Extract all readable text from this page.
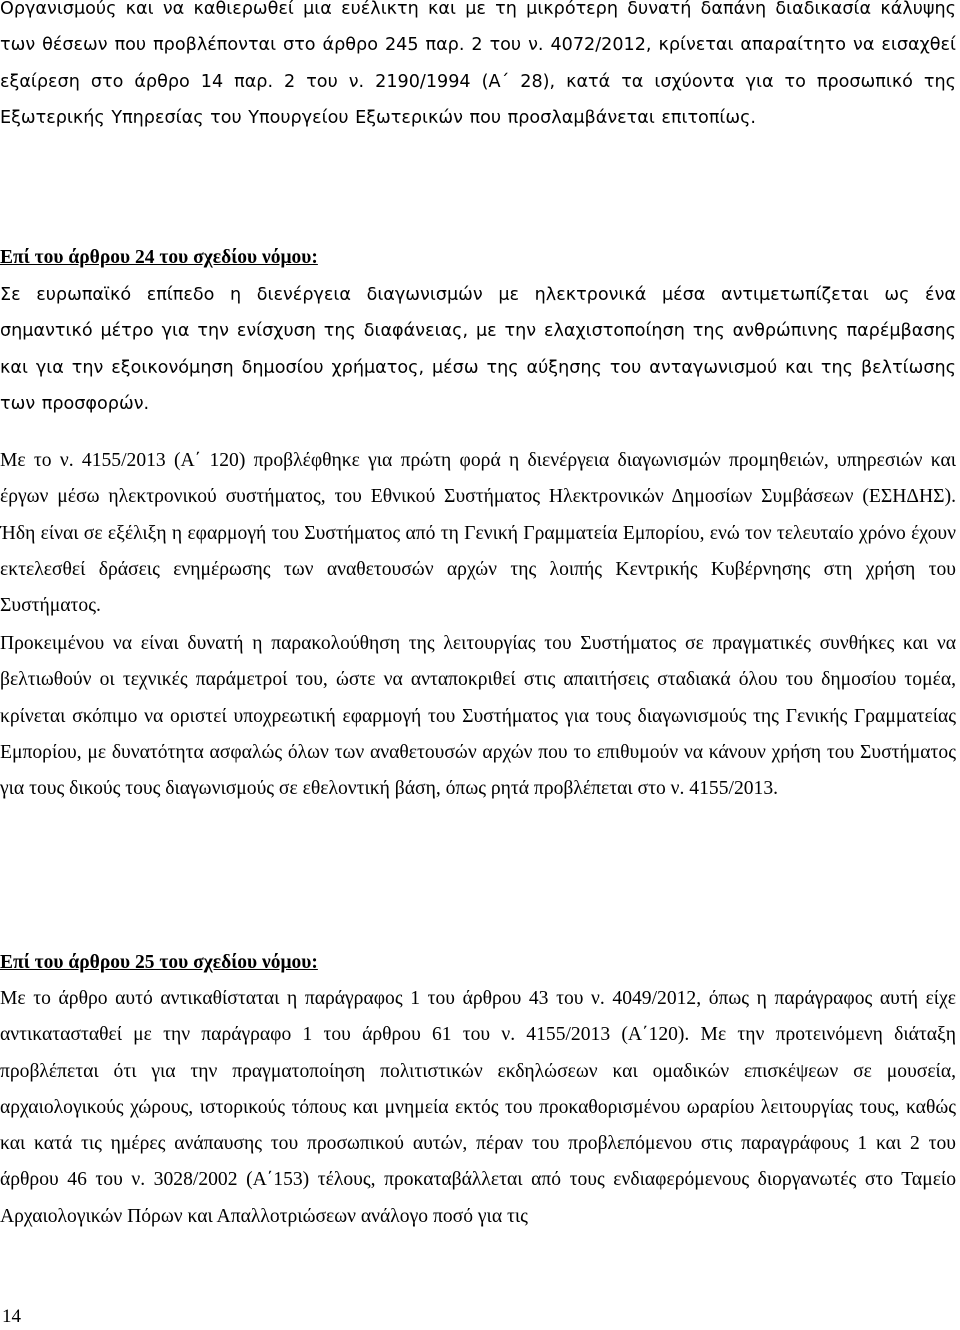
Οργανισμούς και να καθιερωθεί μια ευέλικτη και με τη μικρότερη δυνατή δαπάνη διαδικασία κάλυψης των θέσεων που προβλέπονται στο άρθρο 245 παρ. 2 του ν. 4072/2012, κρίνεται απαραίτητο να εισαχθεί εξαίρεση στο άρθρο 14 παρ. 2 του ν. 2190/1994 (Α΄ 28), κατά τα ισχύοντα για το προσωπικό της Εξωτερικής Υπηρεσίας του Υπουργείου Εξωτερικών που προσλαμβάνεται επιτοπίως.

Επί του άρθρου 24 του σχεδίου νόμου:

Σε ευρωπαϊκό επίπεδο η διενέργεια διαγωνισμών με ηλεκτρονικά μέσα αντιμετωπίζεται ως ένα σημαντικό μέτρο για την ενίσχυση της διαφάνειας, με την ελαχιστοποίηση της ανθρώπινης παρέμβασης και για την εξοικονόμηση δημοσίου χρήματος, μέσω της αύξησης του ανταγωνισμού και της βελτίωσης των προσφορών.

Με το ν. 4155/2013 (Α΄ 120) προβλέφθηκε για πρώτη φορά η διενέργεια διαγωνισμών προμηθειών, υπηρεσιών και έργων μέσω ηλεκτρονικού συστήματος, του Εθνικού Συστήματος Ηλεκτρονικών Δημοσίων Συμβάσεων (ΕΣΗΔΗΣ). Ήδη είναι σε εξέλιξη η εφαρμογή του Συστήματος από τη Γενική Γραμματεία Εμπορίου, ενώ τον τελευταίο χρόνο έχουν εκτελεσθεί δράσεις ενημέρωσης των αναθετουσών αρχών της λοιπής Κεντρικής Κυβέρνησης στη χρήση του Συστήματος.

Προκειμένου να είναι δυνατή η παρακολούθηση της λειτουργίας του Συστήματος σε πραγματικές συνθήκες και να βελτιωθούν οι τεχνικές παράμετροί του, ώστε να ανταποκριθεί στις απαιτήσεις σταδιακά όλου του δημοσίου τομέα, κρίνεται σκόπιμο να οριστεί υποχρεωτική εφαρμογή του Συστήματος για τους διαγωνισμούς της Γενικής Γραμματείας Εμπορίου, με δυνατότητα ασφαλώς όλων των αναθετουσών αρχών που το επιθυμούν να κάνουν χρήση του Συστήματος για τους δικούς τους διαγωνισμούς σε εθελοντική βάση, όπως ρητά προβλέπεται στο ν. 4155/2013.

Επί του άρθρου 25 του σχεδίου νόμου:

Με το άρθρο αυτό αντικαθίσταται η παράγραφος 1 του άρθρου 43 του ν. 4049/2012, όπως η παράγραφος αυτή είχε αντικατασταθεί με την παράγραφο 1 του άρθρου 61 του ν. 4155/2013 (Α΄120). Με την προτεινόμενη διάταξη προβλέπεται ότι για την πραγματοποίηση πολιτιστικών εκδηλώσεων και ομαδικών επισκέψεων σε μουσεία, αρχαιολογικούς χώρους, ιστορικούς τόπους και μνημεία εκτός του προκαθορισμένου ωραρίου λειτουργίας τους, καθώς και κατά τις ημέρες ανάπαυσης του προσωπικού αυτών, πέραν του προβλεπόμενου στις παραγράφους 1 και 2 του άρθρου 46 του ν. 3028/2002 (Α΄153) τέλους, προκαταβάλλεται από τους ενδιαφερόμενους διοργανωτές στο Ταμείο Αρχαιολογικών Πόρων και Απαλλοτριώσεων ανάλογο ποσό για τις

14
